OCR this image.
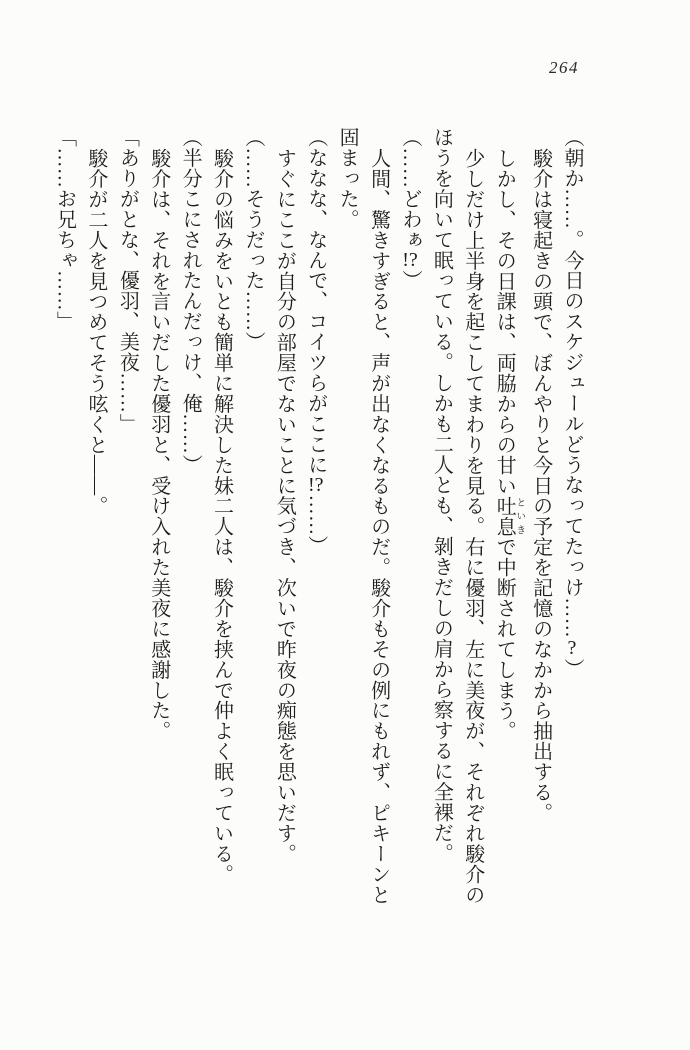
264
（朝か……。今日のスケジュールどうなってたっけ……?）
駿介は寝起きの頭で、ぼんやりと今日の予定を記憶のなかから抽出する。
しかし、その日課は、両脇からの甘い吐息 といきで中断されてしまう。
少しだけ上半身を起こしてまわりを見る。右に優羽、左に美夜が、それぞれ駿介の
ほうを向いて眠っている。しかも二人とも、剝きだしの肩から察するに全裸だ。
（……どわぁ!?）
人間、驚きすぎると、声が出なくなるものだ。駿介もその例にもれず、ピキーンと
固まった。
（ななな、なんで、コイツらがここに!?……）
すぐにここが自分の部屋でないことに気づき、次いで昨夜の痴態を思いだす。
（……そうだった……）
駿介の悩みをいとも簡単に解決した妹二人は、駿介を挟んで仲よく眠っている。
（半分こにされたんだっけ、俺……）
駿介は、それを言いだした優羽と、受け入れた美夜に感謝した。
「ありがとな、優羽、美夜……」
駿介が二人を見つめてそう呟くと――。
「……お兄ちゃ……」
